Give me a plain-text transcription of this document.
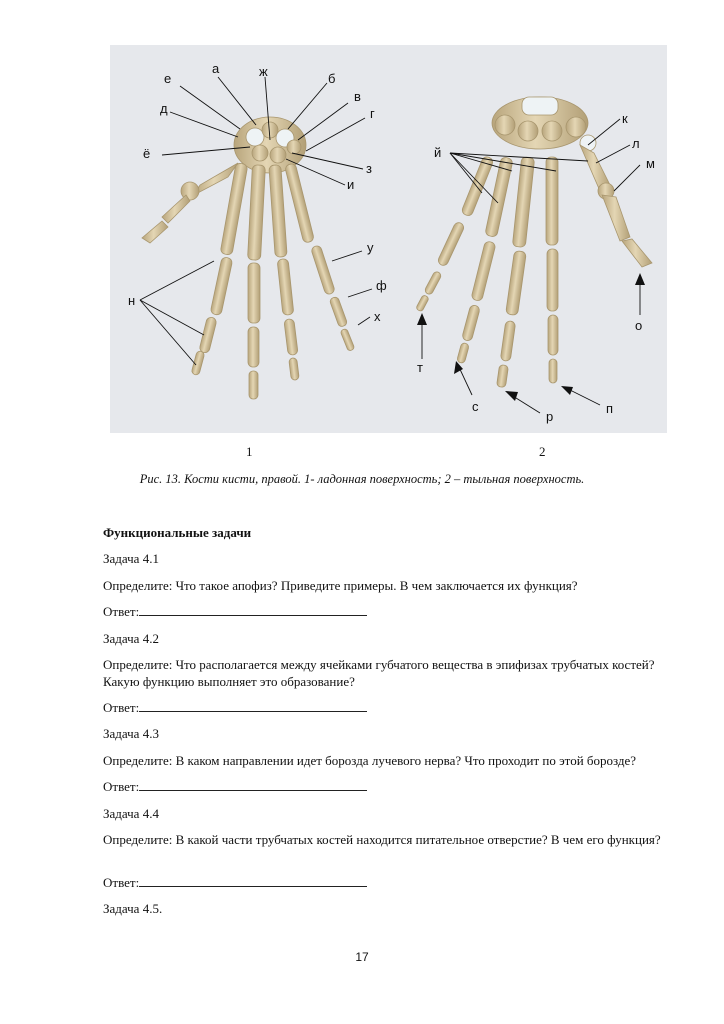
а
е	ж	б
в
д	г
ё
з
и
у
н
ф
х
к
л
й
м
о
т
с
р
п
1	2
Рис. 13. Кости кисти, правой. 1- ладонная поверхность; 2 – тыльная поверхность.
Функциональные задачи
Задача 4.1
Определите: Что такое апофиз? Приведите примеры. В чем заключается их функция?
Ответ:
Задача 4.2
Определите: Что располагается между ячейками губчатого вещества в эпифизах трубчатых костей? Какую функцию выполняет это образование?
Ответ:
Задача 4.3
Определите: В каком направлении идет борозда лучевого нерва? Что проходит по этой борозде?
Ответ:
Задача 4.4
Определите: В какой части трубчатых костей находится питательное отверстие? В чем его функция?
Ответ:
Задача 4.5.
17
